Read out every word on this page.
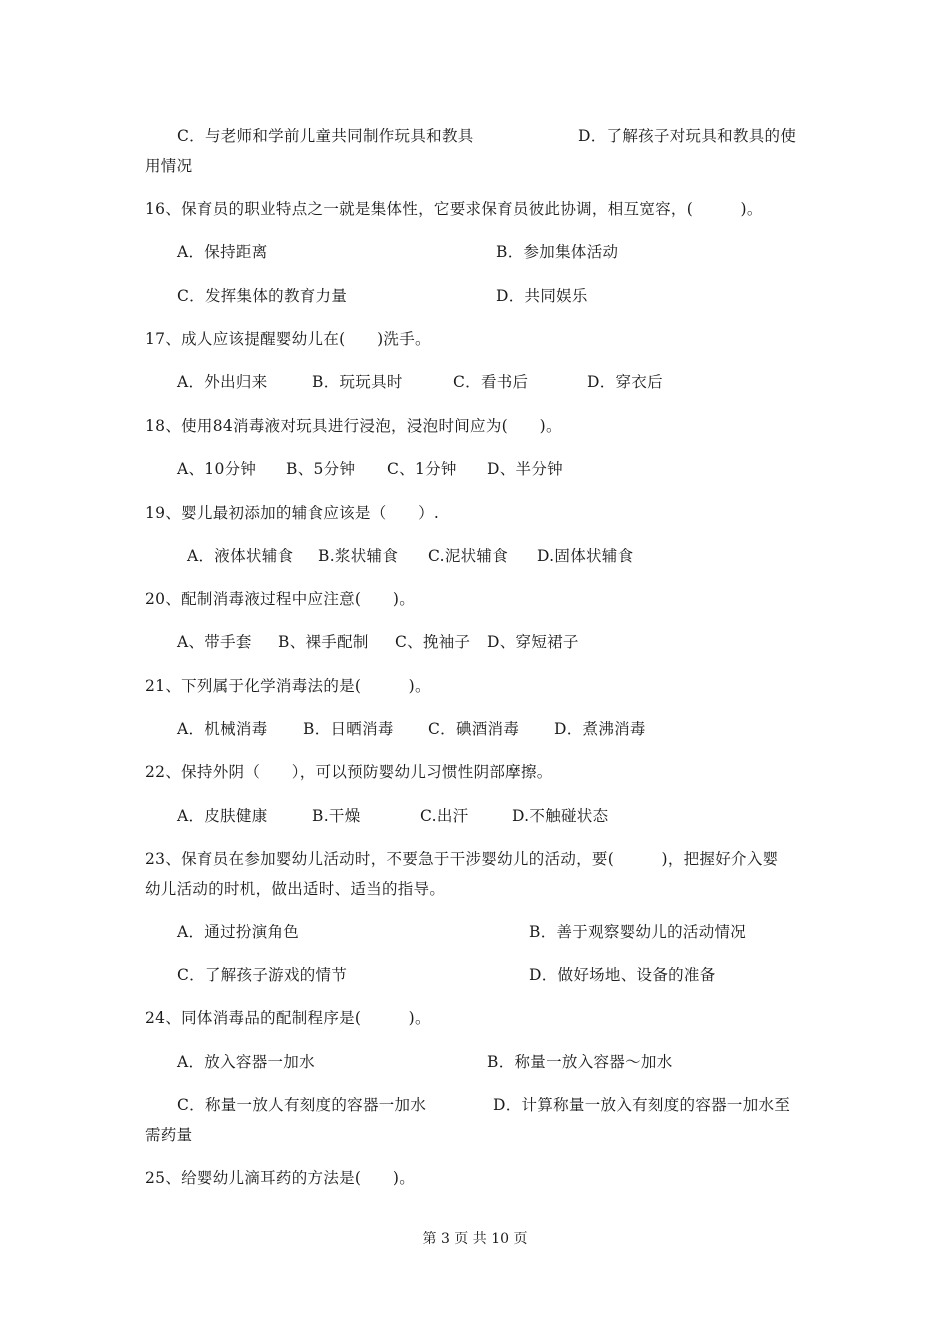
C．与老师和学前儿童共同制作玩具和教具	D．了解孩子对玩具和教具的使
用情况
16、保育员的职业特点之一就是集体性，它要求保育员彼此协调，相互宽容，(　　　)。
A．保持距离	B．参加集体活动
C．发挥集体的教育力量	D．共同娱乐
17、成人应该提醒婴幼儿在(　　)洗手。
A．外出归来	B．玩玩具时	C．看书后	D．穿衣后
18、使用84消毒液对玩具进行浸泡，浸泡时间应为(　　)。
A、10分钟 B、5分钟 C、1分钟 D、半分钟
19、婴儿最初添加的辅食应该是（　　）.
A．液体状辅食 B.浆状辅食 C.泥状辅食 D.固体状辅食
20、配制消毒液过程中应注意(　　)。
A、带手套 B、裸手配制 C、挽袖子 D、穿短裙子
21、下列属于化学消毒法的是(　　　)。
A．机械消毒 B．日晒消毒 C．碘酒消毒 D．煮沸消毒
22、保持外阴（　　），可以预防婴幼儿习惯性阴部摩擦。
A．皮肤健康	B.干燥	C.出汗	D.不触碰状态
23、保育员在参加婴幼儿活动时，不要急于干涉婴幼儿的活动，要(　　　)，把握好介入婴
幼儿活动的时机，做出适时、适当的指导。
A．通过扮演角色	B．善于观察婴幼儿的活动情况
C．了解孩子游戏的情节	D．做好场地、设备的准备
24、同体消毒品的配制程序是(　　　)。
A．放入容器一加水	B．称量一放入容器～加水
C．称量一放人有刻度的容器一加水	D．计算称量一放入有刻度的容器一加水至
需药量
25、给婴幼儿滴耳药的方法是(　　)。
第 3 页 共 10 页
